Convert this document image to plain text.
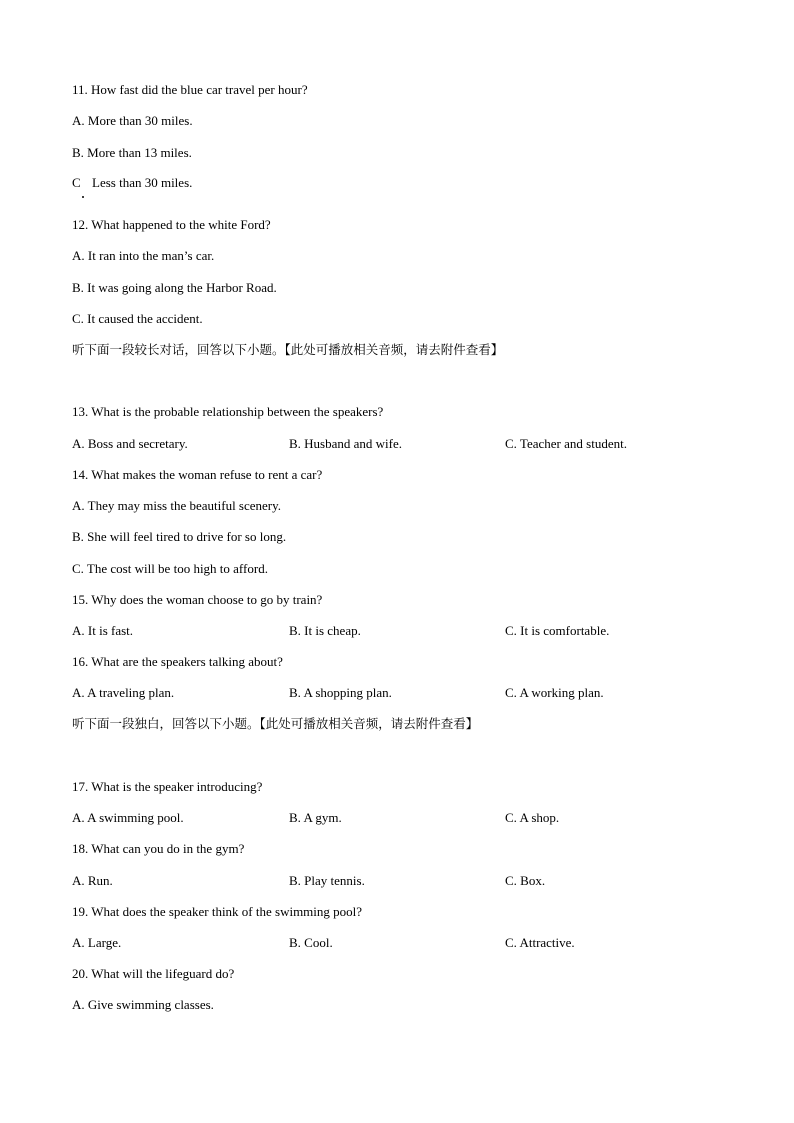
11. How fast did the blue car travel per hour?
A. More than 30 miles.
B. More than 13 miles.
C Less than 30 miles.
12. What happened to the white Ford?
A. It ran into the man’s car.
B. It was going along the Harbor Road.
C. It caused the accident.
听下面一段较长对话，回答以下小题。【此处可播放相关音频，请去附件查看】
13. What is the probable relationship between the speakers?
A. Boss and secretary.	B. Husband and wife.	C. Teacher and student.
14. What makes the woman refuse to rent a car?
A. They may miss the beautiful scenery.
B. She will feel tired to drive for so long.
C. The cost will be too high to afford.
15. Why does the woman choose to go by train?
A. It is fast.	B. It is cheap.	C. It is comfortable.
16. What are the speakers talking about?
A. A traveling plan.	B. A shopping plan.	C. A working plan.
听下面一段独白，回答以下小题。【此处可播放相关音频，请去附件查看】
17. What is the speaker introducing?
A. A swimming pool.	B. A gym.	C. A shop.
18. What can you do in the gym?
A. Run.	B. Play tennis.	C. Box.
19. What does the speaker think of the swimming pool?
A. Large.	B. Cool.	C. Attractive.
20. What will the lifeguard do?
A. Give swimming classes.
